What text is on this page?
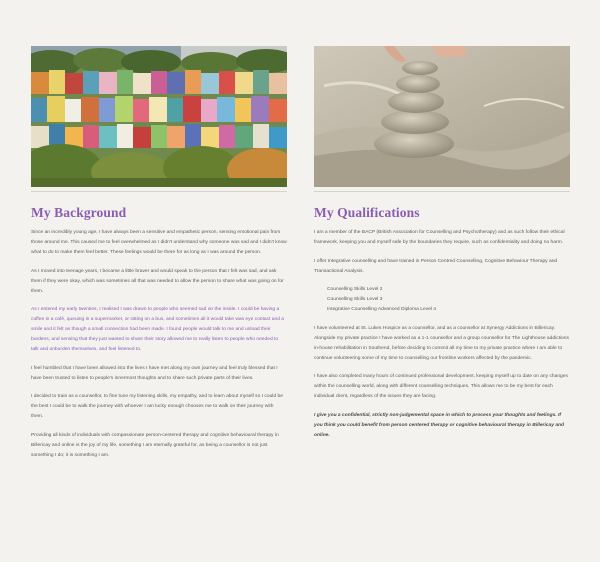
My Background

Since an incredibly young age, I have always been a sensitive and empathetic person, sensing emotional pain from those around me. This caused me to feel overwhelmed as I didn't understand why someone was sad and I didn't know what to do to make them feel better. These feelings would be there for as long as I was around the person.

As I moved into teenage years, I became a little braver and would speak to the person that I felt was sad, and ask them if they were okay, which was sometimes all that was needed to allow the person to share what was going on for them.

As I entered my early twenties, I realised I was drawn to people who seemed sad on the inside. I could be having a coffee in a café, queuing in a supermarket, or sitting on a bus, and sometimes all it would take was eye contact and a smile and it felt as though a small connection had been made. I found people would talk to me and unload their burdens, and sensing that they just wanted to share their story allowed me to really listen to people who needed to talk and unburden themselves, and feel listened to.

I feel humbled that I have been allowed into the lives I have met along my own journey and feel truly blessed that I have been trusted to listen to people's innermost thoughts and to share such private parts of their lives.

I decided to train as a counsellor, to fine tune my listening skills, my empathy, and to learn about myself so I could be the best I could be to walk the journey with whoever I am lucky enough chooses me to walk on their journey with them.

Providing all kinds of individuals with compassionate person-centered therapy and cognitive behavioural therapy in Billericay and online is the joy of my life, something I am eternally grateful for, as being a counsellor is not just something I do; it is something I am.

My Qualifications

I am a member of the BACP (British Association for Counselling and Psychotherapy) and as such follow their ethical framework, keeping you and myself safe by the boundaries they require, such as confidentiality and doing no harm.

I offer Integrative counselling and have trained in Person Centred Counselling, Cognitive Behaviour Therapy and Transactional Analysis.

Counselling Skills Level 2
Counselling Skills Level 3
Integrative Counselling Advanced Diploma Level 4

I have volunteered at St. Lukes Hospice as a counsellor, and as a counsellor at Synergy Addictions in Billericay. Alongside my private practice I have worked as a 1-1 counsellor and a group counsellor for The Lighthouse addictions in-house rehabilitation in Southend, before deciding to commit all my time to my private practice where I am able to continue volunteering some of my time to counselling our frontline workers affected by the pandemic.

I have also completed many hours of continued professional development, keeping myself up to date on any changes within the counselling world, along with different counselling techniques. This allows me to be my best for each individual client, regardless of the issues they are facing.

I give you a confidential, strictly non-judgemental space in which to process your thoughts and feelings. If you think you could benefit from person centered therapy or cognitive behavioural therapy in Billericay and online.
